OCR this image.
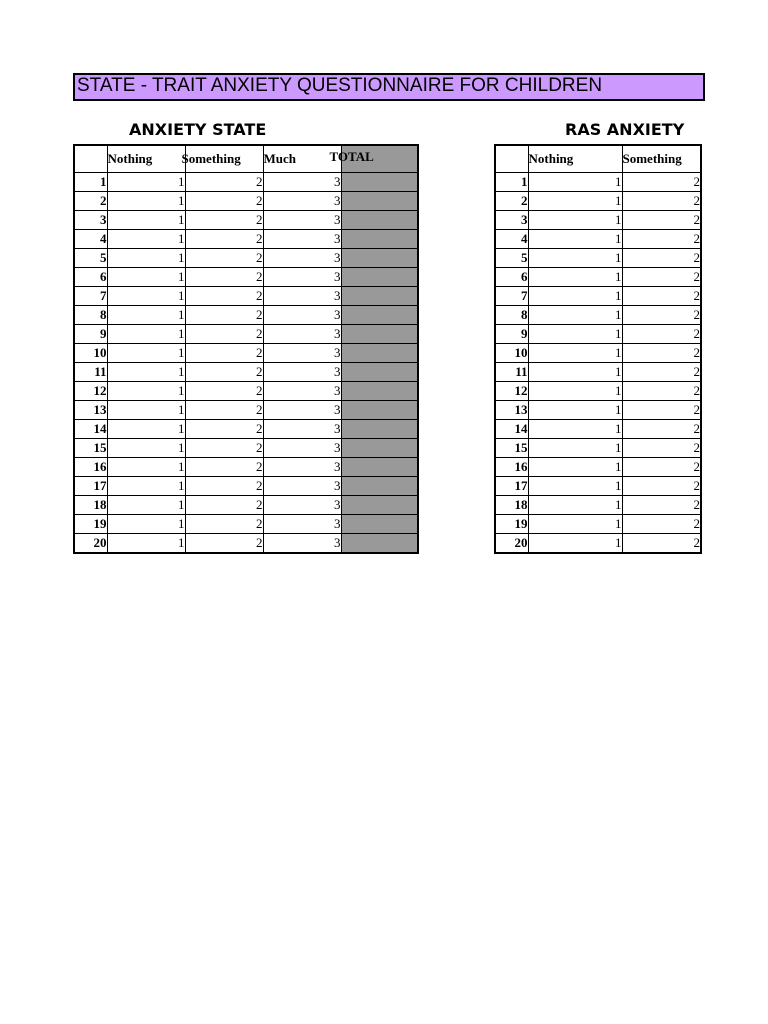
STATE - TRAIT ANXIETY QUESTIONNAIRE FOR CHILDREN
ANXIETY STATE	RAS ANXIETY
	Nothing	Something	Much	TOTAL

1	1	2	3	
2	1	2	3	
3	1	2	3	
4	1	2	3	
5	1	2	3	
6	1	2	3	
7	1	2	3	
8	1	2	3	
9	1	2	3	
10	1	2	3	
11	1	2	3	
12	1	2	3	
13	1	2	3	
14	1	2	3	
15	1	2	3	
16	1	2	3	
17	1	2	3	
18	1	2	3	
19	1	2	3	
20	1	2	3	
	Nothing	Something
1	1	2
2	1	2
3	1	2
4	1	2
5	1	2
6	1	2
7	1	2
8	1	2
9	1	2
10	1	2
11	1	2
12	1	2
13	1	2
14	1	2
15	1	2
16	1	2
17	1	2
18	1	2
19	1	2
20	1	2
